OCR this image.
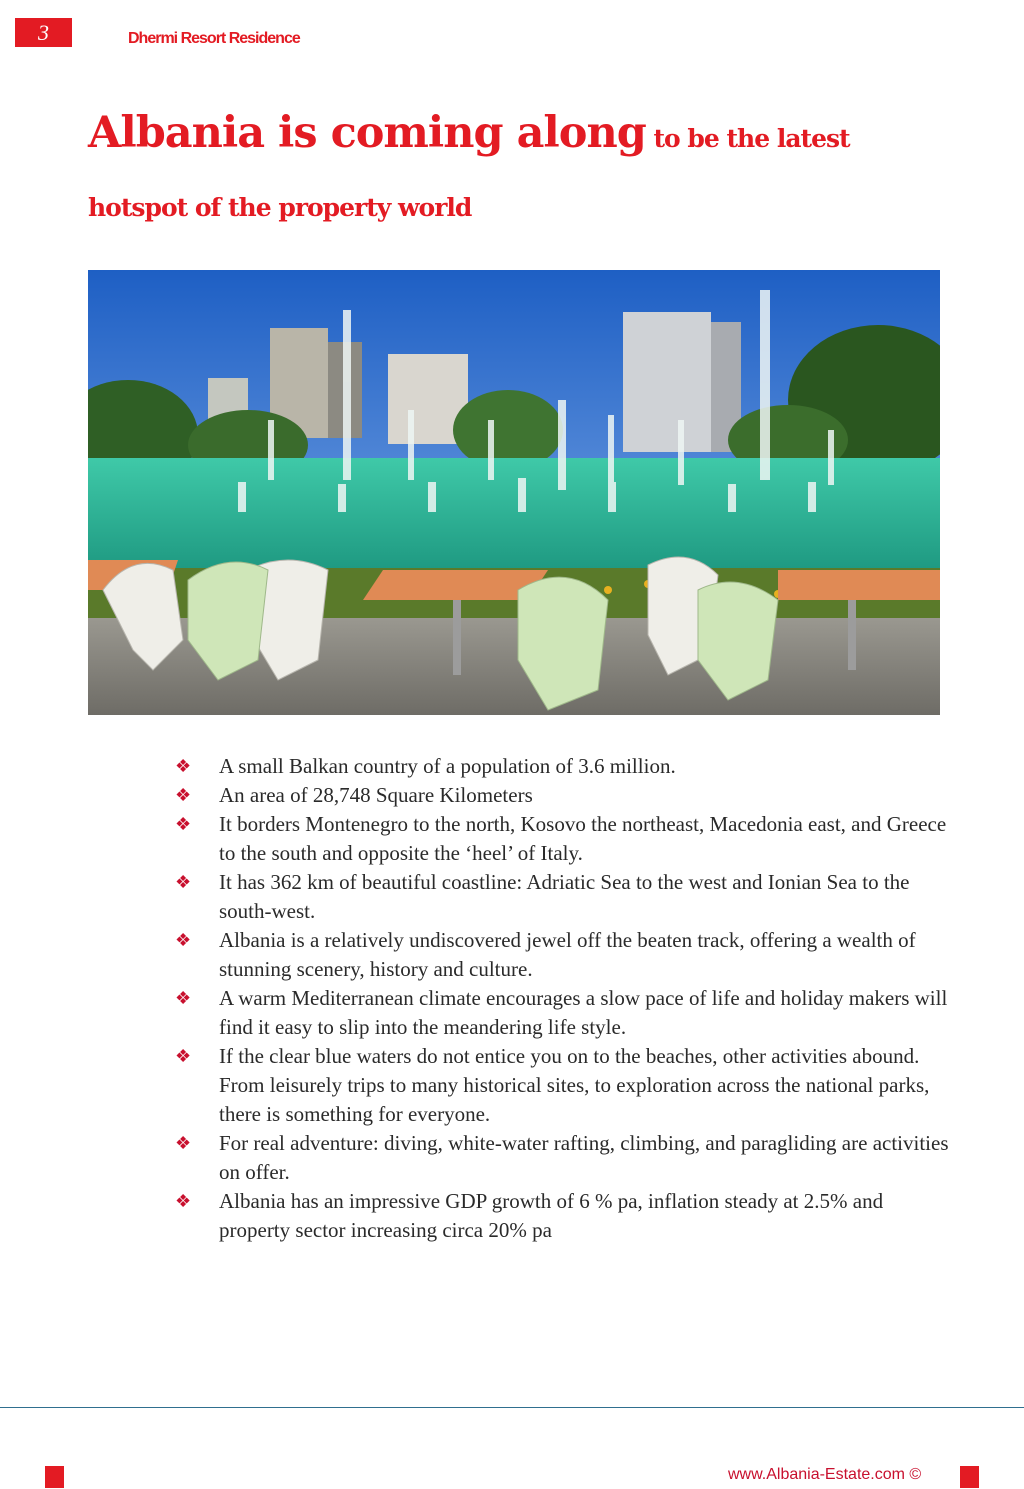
3	Dhermi Resort Residence
Albania is coming along to be the latest
hotspot of the property world
❖ A small Balkan country of a population of 3.6 million.
❖ An area of 28,748 Square Kilometers
❖ It borders Montenegro to the north, Kosovo the northeast, Macedonia east, and Greece to the south and opposite the ‘heel’ of Italy.
❖ It has 362 km of beautiful coastline: Adriatic Sea to the west and Ionian Sea to the south-west.
❖ Albania is a relatively undiscovered jewel off the beaten track, offering a wealth of stunning scenery, history and culture.
❖ A warm Mediterranean climate encourages a slow pace of life and holiday makers will find it easy to slip into the meandering life style.
❖ If the clear blue waters do not entice you on to the beaches, other activities abound. From leisurely trips to many historical sites, to exploration across the national parks, there is something for everyone.
❖ For real adventure: diving, white-water rafting, climbing, and paragliding are activities on offer.
❖ Albania has an impressive GDP growth of 6 % pa, inflation steady at 2.5% and property sector increasing circa 20% pa
www.Albania-Estate.com ©
